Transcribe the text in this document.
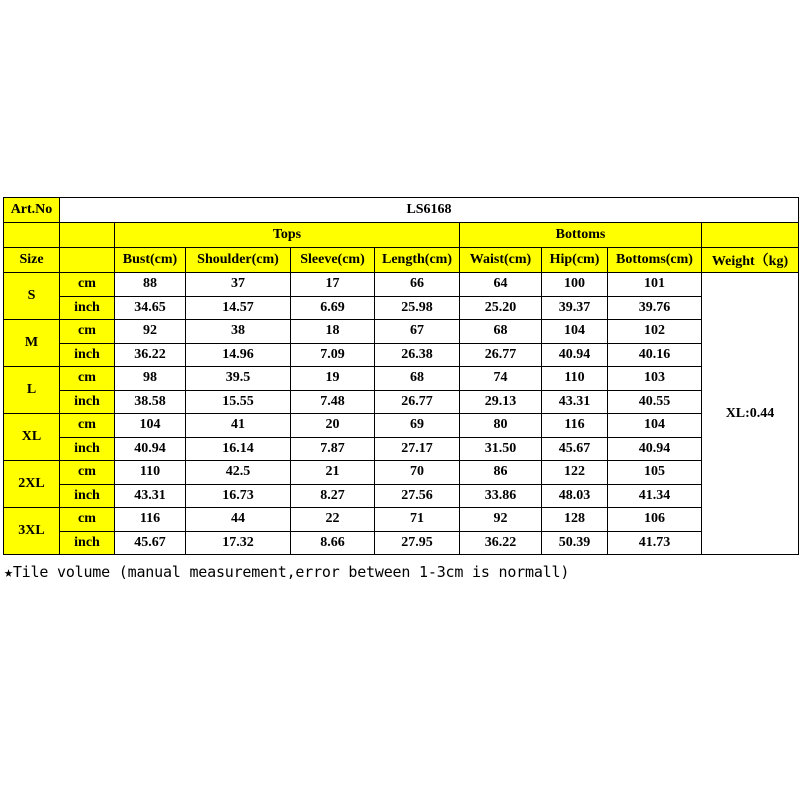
Art.No	LS6168								
		Tops				Bottoms			
Size		Bust(cm)	Shoulder(cm)	Sleeve(cm)	Length(cm)	Waist(cm)	Hip(cm)	Bottoms(cm)	Weight（kg)
S	cm	88	37	17	66	64	100	101	XL:0.44
	inch	34.65	14.57	6.69	25.98	25.20	39.37	39.76	
M	cm	92	38	18	67	68	104	102	
	inch	36.22	14.96	7.09	26.38	26.77	40.94	40.16	
L	cm	98	39.5	19	68	74	110	103	
	inch	38.58	15.55	7.48	26.77	29.13	43.31	40.55	
XL	cm	104	41	20	69	80	116	104	
	inch	40.94	16.14	7.87	27.17	31.50	45.67	40.94	
2XL	cm	110	42.5	21	70	86	122	105	
	inch	43.31	16.73	8.27	27.56	33.86	48.03	41.34	
3XL	cm	116	44	22	71	92	128	106	
	inch	45.67	17.32	8.66	27.95	36.22	50.39	41.73	
★Tile volume (manual measurement,error between 1-3cm is normall)
